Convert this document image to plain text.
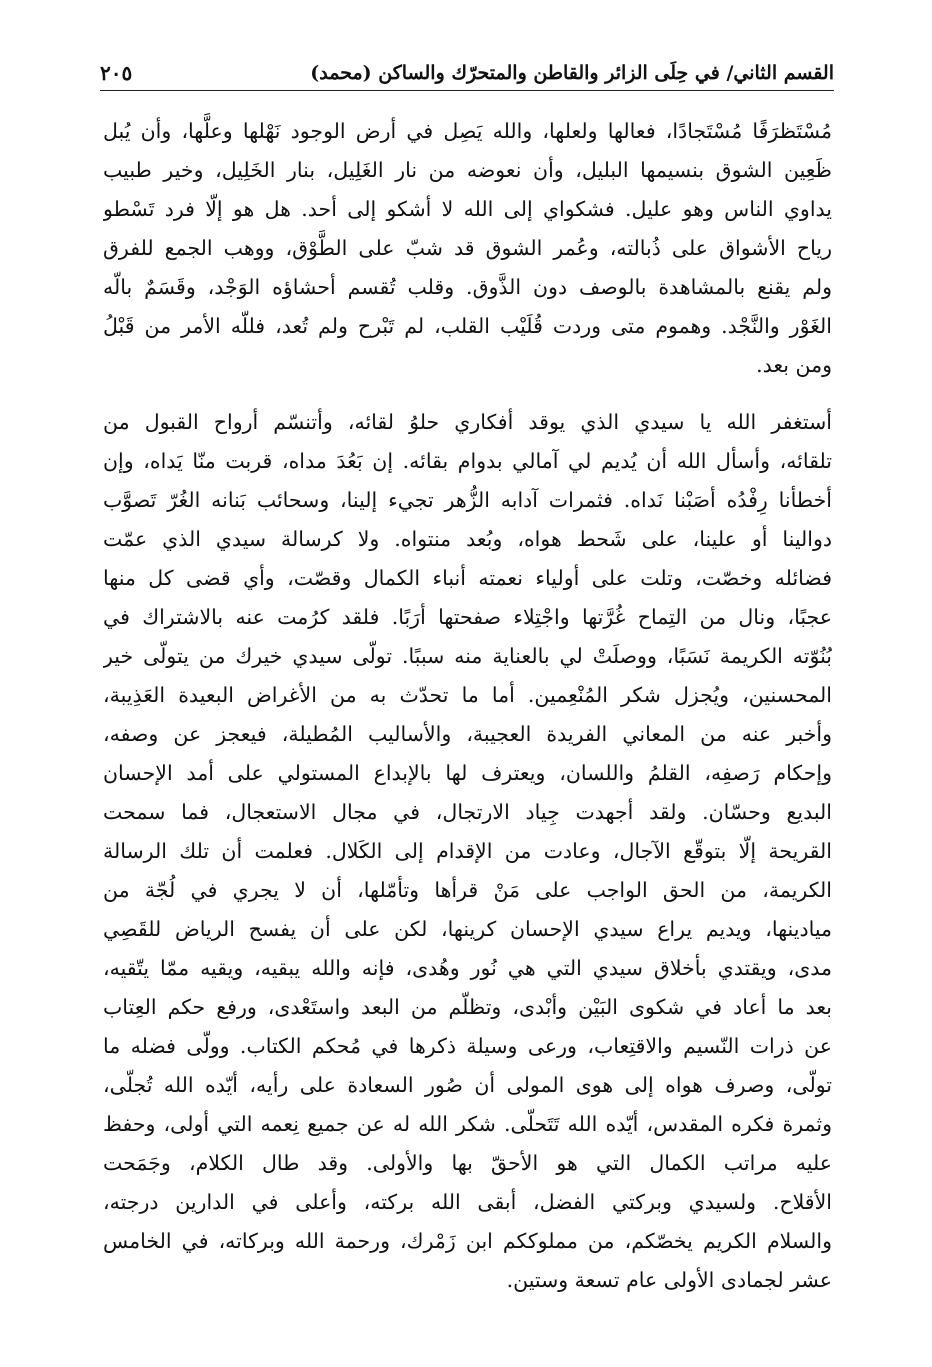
القسم الثاني/ في حِلَى الزائر والقاطن والمتحرّك والساكن (محمد)
٢٠٥
مُسْتَظرَفًا مُسْتَجادًا، فعالها ولعلها، والله يَصِل في أرض الوجود نَهْلها وعلَّها، وأن يُبل
ظَعِين الشوق بنسيمها البليل، وأن نعوضه من نار الغَلِيل، بنار الخَلِيل، وخير طبيب
يداوي الناس وهو عليل. فشكواي إلى الله لا أشكو إلى أحد. هل هو إلّا فرد تَسْطو
رياح الأشواق على ذُبالته، وعُمر الشوق قد شبّ على الطَّوْق، ووهب الجمع للفرق
ولم يقنع بالمشاهدة بالوصف دون الذَّوق. وقلب تُقسم أحشاؤه الوَجْد، وقَسَمٌ بالّه
الغَوْر والنَّجْد. وهموم متى وردت قُلَيْب القلب، لم تَبْرح ولم تُعد، فللّه الأمر من قَبْلُ
ومن بعد.
أستغفر الله يا سيدي الذي يوقد أفكاري حلوُ لقائه، وأتنسّم أرواح القبول من
تلقائه، وأسأل الله أن يُديم لي آمالي بدوام بقائه. إن بَعُدَ مداه، قربت منّا يَداه، وإن
أخطأنا رِفْدُه أصَبْنا نَداه. فثمرات آدابه الزُّهر تجيء إلينا، وسحائب بَنانه الغُرّ تَصوَّب
دوالينا أو علينا، على شَحط هواه، وبُعد منتواه. ولا كرسالة سيدي الذي عمّت
فضائله وخصّت، وتلت على أولياء نعمته أنباء الكمال وقصّت، وأي قضى كل منها
عجبًا، ونال من التِماح غُرَّتها واجْتِلاء صفحتها أرَبًا. فلقد كرُمت عنه بالاشتراك في
بُنُوّته الكريمة نَسَبًا، ووصلَتْ لي بالعناية منه سببًا. تولّى سيدي خيرك من يتولّى خير
المحسنين، ويُجزل شكر المُنْعِمين. أما ما تحدّث به من الأغراض البعيدة العَذِيبة،
وأخبر عنه من المعاني الفريدة العجيبة، والأساليب المُطيلة، فيعجز عن وصفه،
وإحكام رَصفِه، القلمُ واللسان، ويعترف لها بالإبداع المستولي على أمد الإحسان
البديع وحسّان. ولقد أجهدت جِياد الارتجال، في مجال الاستعجال، فما سمحت
القريحة إلّا بتوقّع الآجال، وعادت من الإقدام إلى الكَلال. فعلمت أن تلك الرسالة
الكريمة، من الحق الواجب على مَنْ قرأها وتأمّلها، أن لا يجري في لُجّة من
ميادينها، ويديم يراع سيدي الإحسان كرينها، لكن على أن يفسح الرياض للقَصِي
مدى، ويقتدي بأخلاق سيدي التي هي نُور وهُدى، فإنه والله يبقيه، ويقيه ممّا يتّقيه،
بعد ما أعاد في شكوى البَيْن وأبْدى، وتظلّم من البعد واستَعْدى، ورفع حكم العِتاب
عن ذرات النّسيم والاقتِعاب، ورعى وسيلة ذكرها في مُحكم الكتاب. وولّى فضله ما
تولّى، وصرف هواه إلى هوى المولى أن صُور السعادة على رأيه، أيّده الله تُجلّى،
وثمرة فكره المقدس، أيّده الله تَتَحلّى. شكر الله له عن جميع نِعمه التي أولى، وحفظ
عليه مراتب الكمال التي هو الأحقّ بها والأولى. وقد طال الكلام، وجَمَحت
الأقلاح. ولسيدي وبركتي الفضل، أبقى الله بركته، وأعلى في الدارين درجته،
والسلام الكريم يخصّكم، من مملوككم ابن زَمْرك، ورحمة الله وبركاته، في الخامس
عشر لجمادى الأولى عام تسعة وستين.
